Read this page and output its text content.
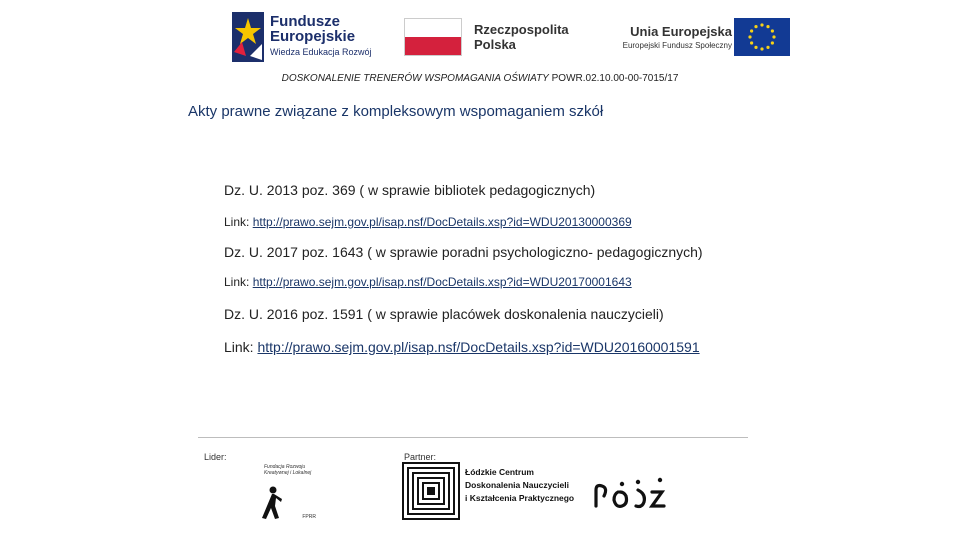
Fundusze
Europejskie
Wiedza Edukacja Rozwój
Rzeczpospolita
Polska
Unia Europejska
Europejski Fundusz Społeczny
DOSKONALENIE TRENERÓW WSPOMAGANIA OŚWIATY POWR.02.10.00-00-7015/17
Akty prawne związane z kompleksowym wspomaganiem szkół
Dz. U. 2013 poz. 369 ( w sprawie bibliotek pedagogicznych)
Link: http://prawo.sejm.gov.pl/isap.nsf/DocDetails.xsp?id=WDU20130000369
Dz. U. 2017 poz. 1643 ( w sprawie poradni psychologiczno- pedagogicznych)
Link: http://prawo.sejm.gov.pl/isap.nsf/DocDetails.xsp?id=WDU20170001643
Dz. U. 2016 poz. 1591 ( w sprawie placówek doskonalenia nauczycieli)
Link: http://prawo.sejm.gov.pl/isap.nsf/DocDetails.xsp?id=WDU20160001591
Lider:	Partner:
Fundacja Rozwoju Kreatywnej i Lokalnej
FPRR
Łódzkie Centrum
Doskonalenia Nauczycieli
i Kształcenia Praktycznego
